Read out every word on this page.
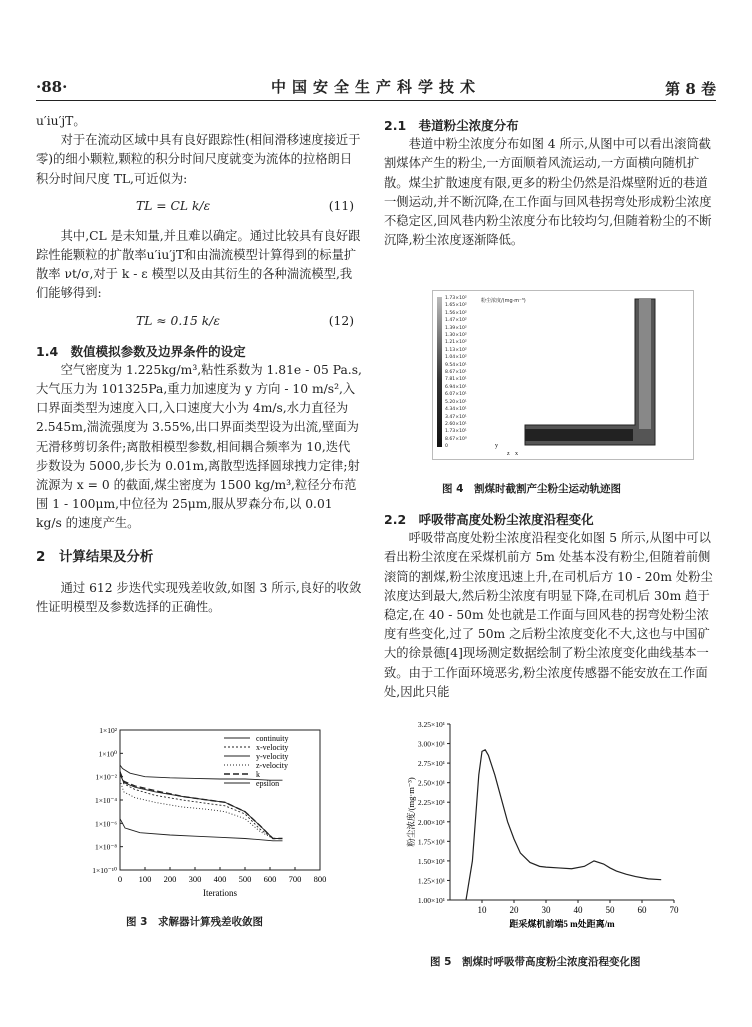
·88·	中国安全生产科学技术	第 8 卷

u′iu′jT。

对于在流动区域中具有良好跟踪性(相间滑移速度接近于零)的细小颗粒,颗粒的积分时间尺度就变为流体的拉格朗日积分时间尺度 TL,可近似为:

TL = CL k/ε	(11)

其中,CL 是未知量,并且难以确定。通过比较具有良好跟踪性能颗粒的扩散率u′iu′jT和由湍流模型计算得到的标量扩散率 νt/σ,对于 k - ε 模型以及由其衍生的各种湍流模型,我们能够得到:

TL ≈ 0.15 k/ε	(12)

1.4　数值模拟参数及边界条件的设定

空气密度为 1.225kg/m³,粘性系数为 1.81e - 05 Pa.s,大气压力为 101325Pa,重力加速度为 y 方向 - 10 m/s²,入口界面类型为速度入口,入口速度大小为 4m/s,水力直径为 2.545m,湍流强度为 3.55%,出口界面类型设为出流,壁面为无滑移剪切条件;离散相模型参数,相间耦合频率为 10,迭代步数设为 5000,步长为 0.01m,离散型选择圆球拽力定律;射流源为 x = 0 的截面,煤尘密度为 1500 kg/m³,粒径分布范围 1 - 100μm,中位径为 25μm,服从罗森分布,以 0.01 kg/s 的速度产生。

2　计算结果及分析

通过 612 步迭代实现残差收敛,如图 3 所示,良好的收敛性证明模型及参数选择的正确性。

0 100 200 300 400 500 600 700 800
1×10²
1×10⁰
1×10⁻²
1×10⁻⁴
1×10⁻⁶
1×10⁻⁸
1×10⁻¹⁰
Iterations
continuity
x-velocity
y-velocity
z-velocity
k
epsilon
图 3　求解器计算残差收敛图

2.1　巷道粉尘浓度分布

巷道中粉尘浓度分布如图 4 所示,从图中可以看出滚筒截割煤体产生的粉尘,一方面顺着风流运动,一方面横向随机扩散。煤尘扩散速度有限,更多的粉尘仍然是沿煤壁附近的巷道一侧运动,并不断沉降,在工作面与回风巷拐弯处形成粉尘浓度不稳定区,回风巷内粉尘浓度分布比较均匀,但随着粉尘的不断沉降,粉尘浓度逐渐降低。

1.73×10²
1.65×10²
1.56×10²
1.47×10²
1.39×10²
1.30×10²
1.21×10²
1.13×10²
1.04×10²
9.54×10¹
8.67×10¹
7.81×10¹
6.94×10¹
6.07×10¹
5.20×10¹
4.34×10¹
3.47×10¹
2.60×10¹
1.73×10¹
8.67×10⁰
0
粉尘浓度/(mg·m⁻³)
y
z x
图 4　割煤时截割产尘粉尘运动轨迹图

2.2　呼吸带高度处粉尘浓度沿程变化

呼吸带高度处粉尘浓度沿程变化如图 5 所示,从图中可以看出粉尘浓度在采煤机前方 5m 处基本没有粉尘,但随着前侧滚筒的割煤,粉尘浓度迅速上升,在司机后方 10 - 20m 处粉尘浓度达到最大,然后粉尘浓度有明显下降,在司机后 30m 趋于稳定,在 40 - 50m 处也就是工作面与回风巷的拐弯处粉尘浓度有些变化,过了 50m 之后粉尘浓度变化不大,这也与中国矿大的徐景德[4]现场测定数据绘制了粉尘浓度变化曲线基本一致。由于工作面环境恶劣,粉尘浓度传感器不能安放在工作面处,因此只能

10	20	30	40	50	60	70
3.25×10¹
3.00×10¹
2.75×10¹
2.50×10¹
2.25×10¹
2.00×10¹
1.75×10¹
1.50×10¹
1.25×10¹
1.00×10¹
距采煤机前端5 m处距离/m
粉尘浓度/(mg·m⁻³)
图 5　割煤时呼吸带高度粉尘浓度沿程变化图
